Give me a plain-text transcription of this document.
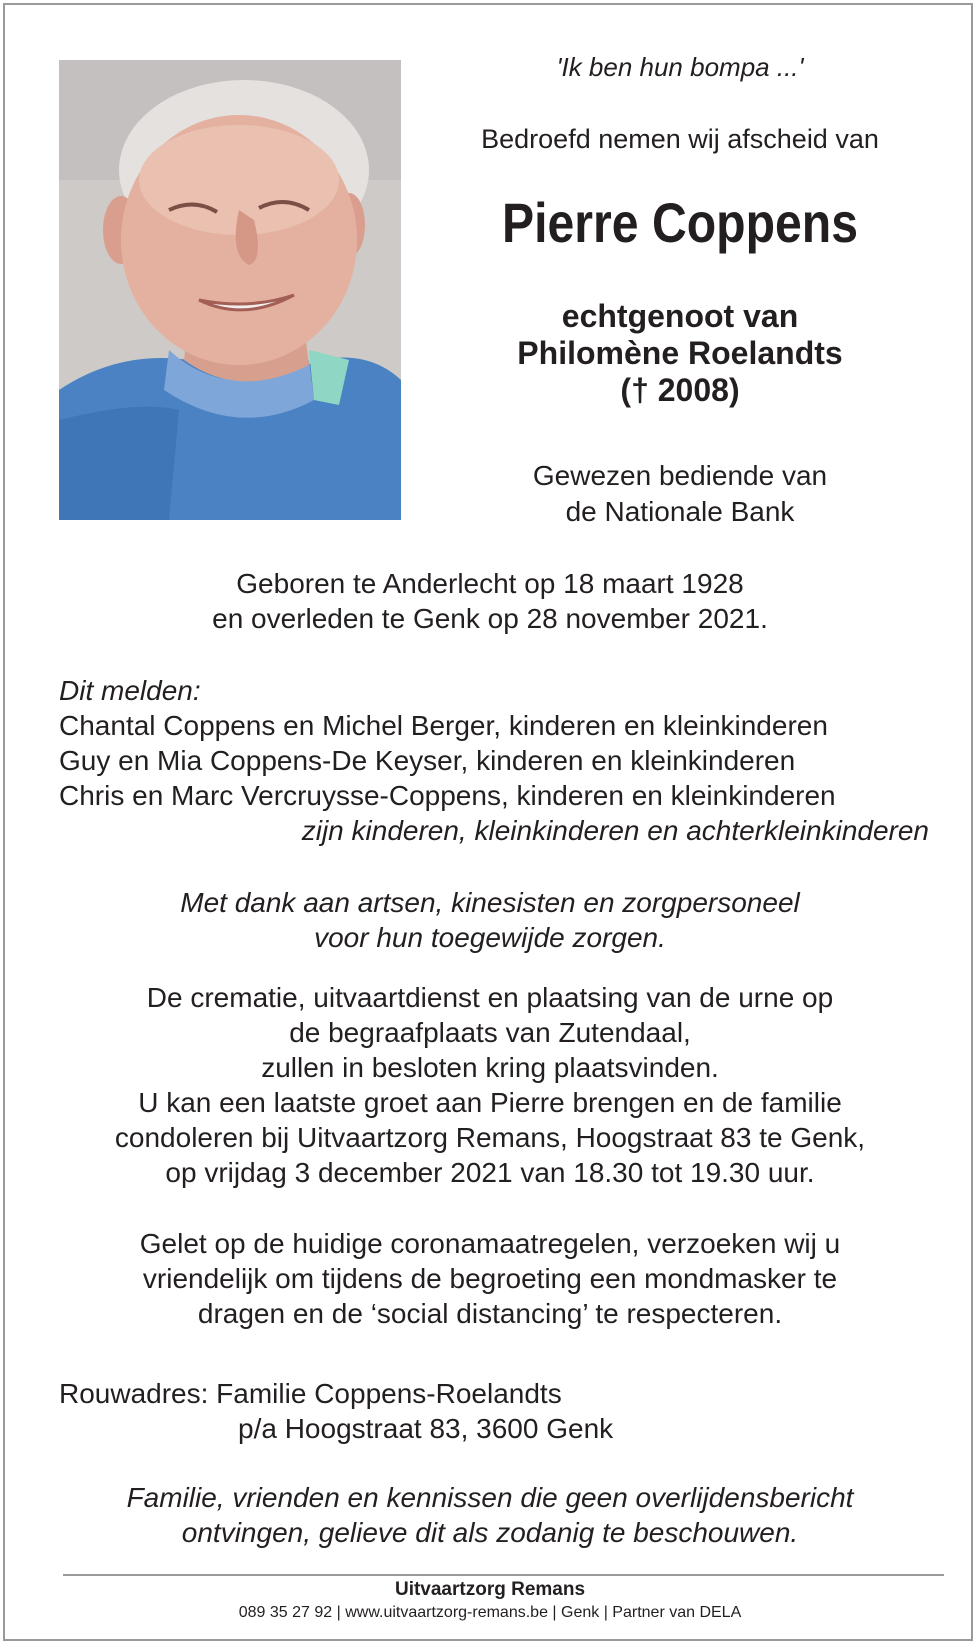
'Ik ben hun bompa ...'
Bedroefd nemen wij afscheid van
Pierre Coppens
echtgenoot van
Philomène Roelandts
(† 2008)
Gewezen bediende van
de Nationale Bank
Geboren te Anderlecht op 18 maart 1928
en overleden te Genk op 28 november 2021.
Dit melden:
Chantal Coppens en Michel Berger, kinderen en kleinkinderen
Guy en Mia Coppens-De Keyser, kinderen en kleinkinderen
Chris en Marc Vercruysse-Coppens, kinderen en kleinkinderen
zijn kinderen, kleinkinderen en achterkleinkinderen
Met dank aan artsen, kinesisten en zorgpersoneel
voor hun toegewijde zorgen.
De crematie, uitvaartdienst en plaatsing van de urne op
de begraafplaats van Zutendaal,
zullen in besloten kring plaatsvinden.
U kan een laatste groet aan Pierre brengen en de familie
condoleren bij Uitvaartzorg Remans, Hoogstraat 83 te Genk,
op vrijdag 3 december 2021 van 18.30 tot 19.30 uur.
Gelet op de huidige coronamaatregelen, verzoeken wij u
vriendelijk om tijdens de begroeting een mondmasker te
dragen en de ‘social distancing’ te respecteren.
Rouwadres: Familie Coppens-Roelandts
p/a Hoogstraat 83, 3600 Genk
Familie, vrienden en kennissen die geen overlijdensbericht
ontvingen, gelieve dit als zodanig te beschouwen.
Uitvaartzorg Remans
089 35 27 92 | www.uitvaartzorg-remans.be | Genk | Partner van DELA
